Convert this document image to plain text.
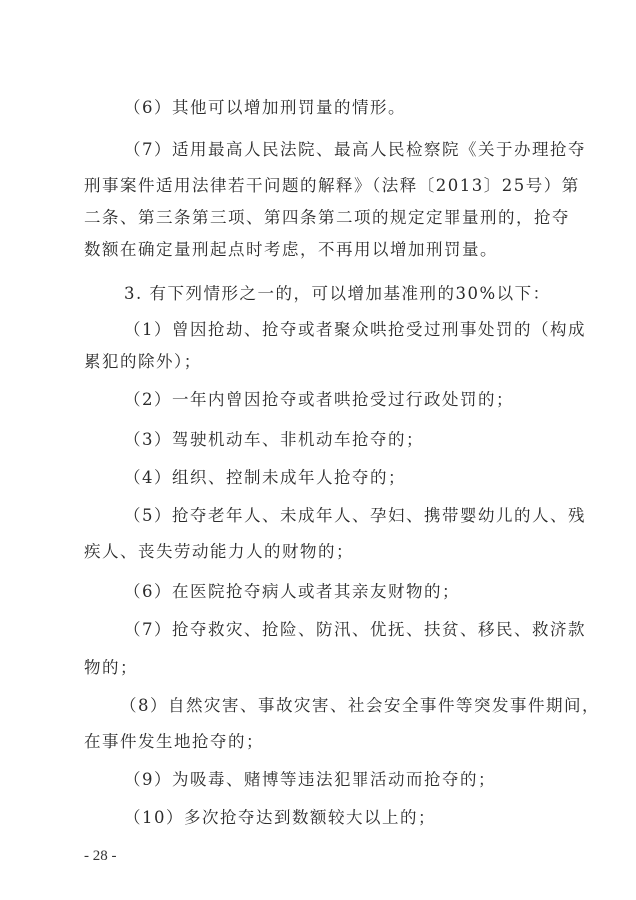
（6）其他可以增加刑罚量的情形。
（7）适用最高人民法院、最高人民检察院《关于办理抢夺
刑事案件适用法律若干问题的解释》（法释〔2013〕25号）第
二条、第三条第三项、第四条第二项的规定定罪量刑的，抢夺
数额在确定量刑起点时考虑，不再用以增加刑罚量。
3. 有下列情形之一的，可以增加基准刑的30%以下：
（1）曾因抢劫、抢夺或者聚众哄抢受过刑事处罚的（构成
累犯的除外）；
（2）一年内曾因抢夺或者哄抢受过行政处罚的；
（3）驾驶机动车、非机动车抢夺的；
（4）组织、控制未成年人抢夺的；
（5）抢夺老年人、未成年人、孕妇、携带婴幼儿的人、残
疾人、丧失劳动能力人的财物的；
（6）在医院抢夺病人或者其亲友财物的；
（7）抢夺救灾、抢险、防汛、优抚、扶贫、移民、救济款
物的；
（8）自然灾害、事故灾害、社会安全事件等突发事件期间，
在事件发生地抢夺的；
（9）为吸毒、赌博等违法犯罪活动而抢夺的；
（10）多次抢夺达到数额较大以上的；
- 28 -
